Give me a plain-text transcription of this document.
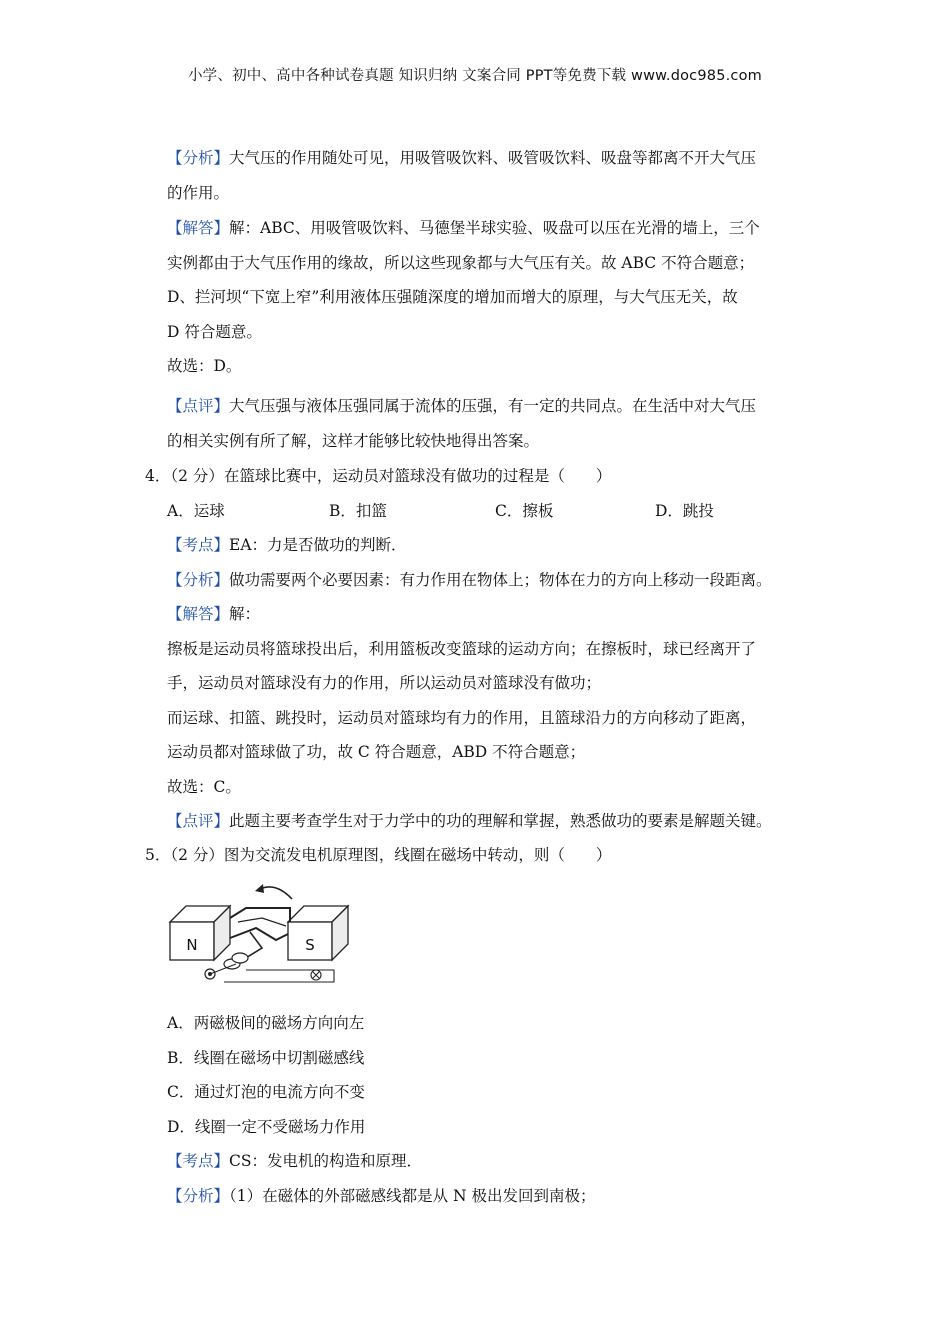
小学、初中、高中各种试卷真题 知识归纳 文案合同 PPT等免费下载 www.doc985.com
【分析】大气压的作用随处可见，用吸管吸饮料、吸管吸饮料、吸盘等都离不开大气压
的作用。
【解答】解：ABC、用吸管吸饮料、马德堡半球实验、吸盘可以压在光滑的墙上，三个
实例都由于大气压作用的缘故，所以这些现象都与大气压有关。故 ABC 不符合题意；
D、拦河坝“下宽上窄”利用液体压强随深度的增加而增大的原理，与大气压无关，故
D 符合题意。
故选：D。
【点评】大气压强与液体压强同属于流体的压强，有一定的共同点。在生活中对大气压
的相关实例有所了解，这样才能够比较快地得出答案。
4．（2 分）在篮球比赛中，运动员对篮球没有做功的过程是（　　）
A．运球	B．扣篮	C．擦板	D．跳投
【考点】EA：力是否做功的判断．
【分析】做功需要两个必要因素：有力作用在物体上；物体在力的方向上移动一段距离。
【解答】解：
擦板是运动员将篮球投出后，利用篮板改变篮球的运动方向；在擦板时，球已经离开了
手，运动员对篮球没有力的作用，所以运动员对篮球没有做功；
而运球、扣篮、跳投时，运动员对篮球均有力的作用，且篮球沿力的方向移动了距离，
运动员都对篮球做了功，故 C 符合题意，ABD 不符合题意；
故选：C。
【点评】此题主要考查学生对于力学中的功的理解和掌握，熟悉做功的要素是解题关键。
5．（2 分）图为交流发电机原理图，线圈在磁场中转动，则（　　）
N	S
A．两磁极间的磁场方向向左
B．线圈在磁场中切割磁感线
C．通过灯泡的电流方向不变
D．线圈一定不受磁场力作用
【考点】CS：发电机的构造和原理．
【分析】（1）在磁体的外部磁感线都是从 N 极出发回到南极；
